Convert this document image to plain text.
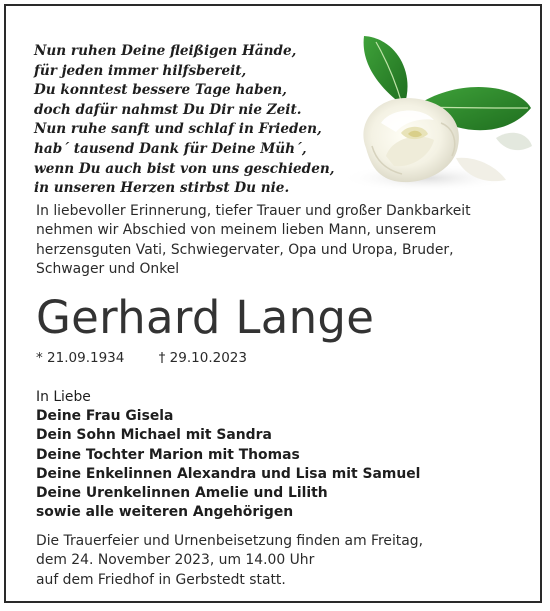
Nun ruhen Deine fleißigen Hände,
für jeden immer hilfsbereit,
Du konntest bessere Tage haben,
doch dafür nahmst Du Dir nie Zeit.
Nun ruhe sanft und schlaf in Frieden,
hab´ tausend Dank für Deine Müh´,
wenn Du auch bist von uns geschieden,
in unseren Herzen stirbst Du nie.
In liebevoller Erinnerung, tiefer Trauer und großer Dankbarkeit
nehmen wir Abschied von meinem lieben Mann, unserem
herzensguten Vati, Schwiegervater, Opa und Uropa, Bruder,
Schwager und Onkel
Gerhard Lange
* 21.09.1934	† 29.10.2023
In Liebe
Deine Frau Gisela
Dein Sohn Michael mit Sandra
Deine Tochter Marion mit Thomas
Deine Enkelinnen Alexandra und Lisa mit Samuel
Deine Urenkelinnen Amelie und Lilith
sowie alle weiteren Angehörigen
Die Trauerfeier und Urnenbeisetzung finden am Freitag,
dem 24. November 2023, um 14.00 Uhr
auf dem Friedhof in Gerbstedt statt.
